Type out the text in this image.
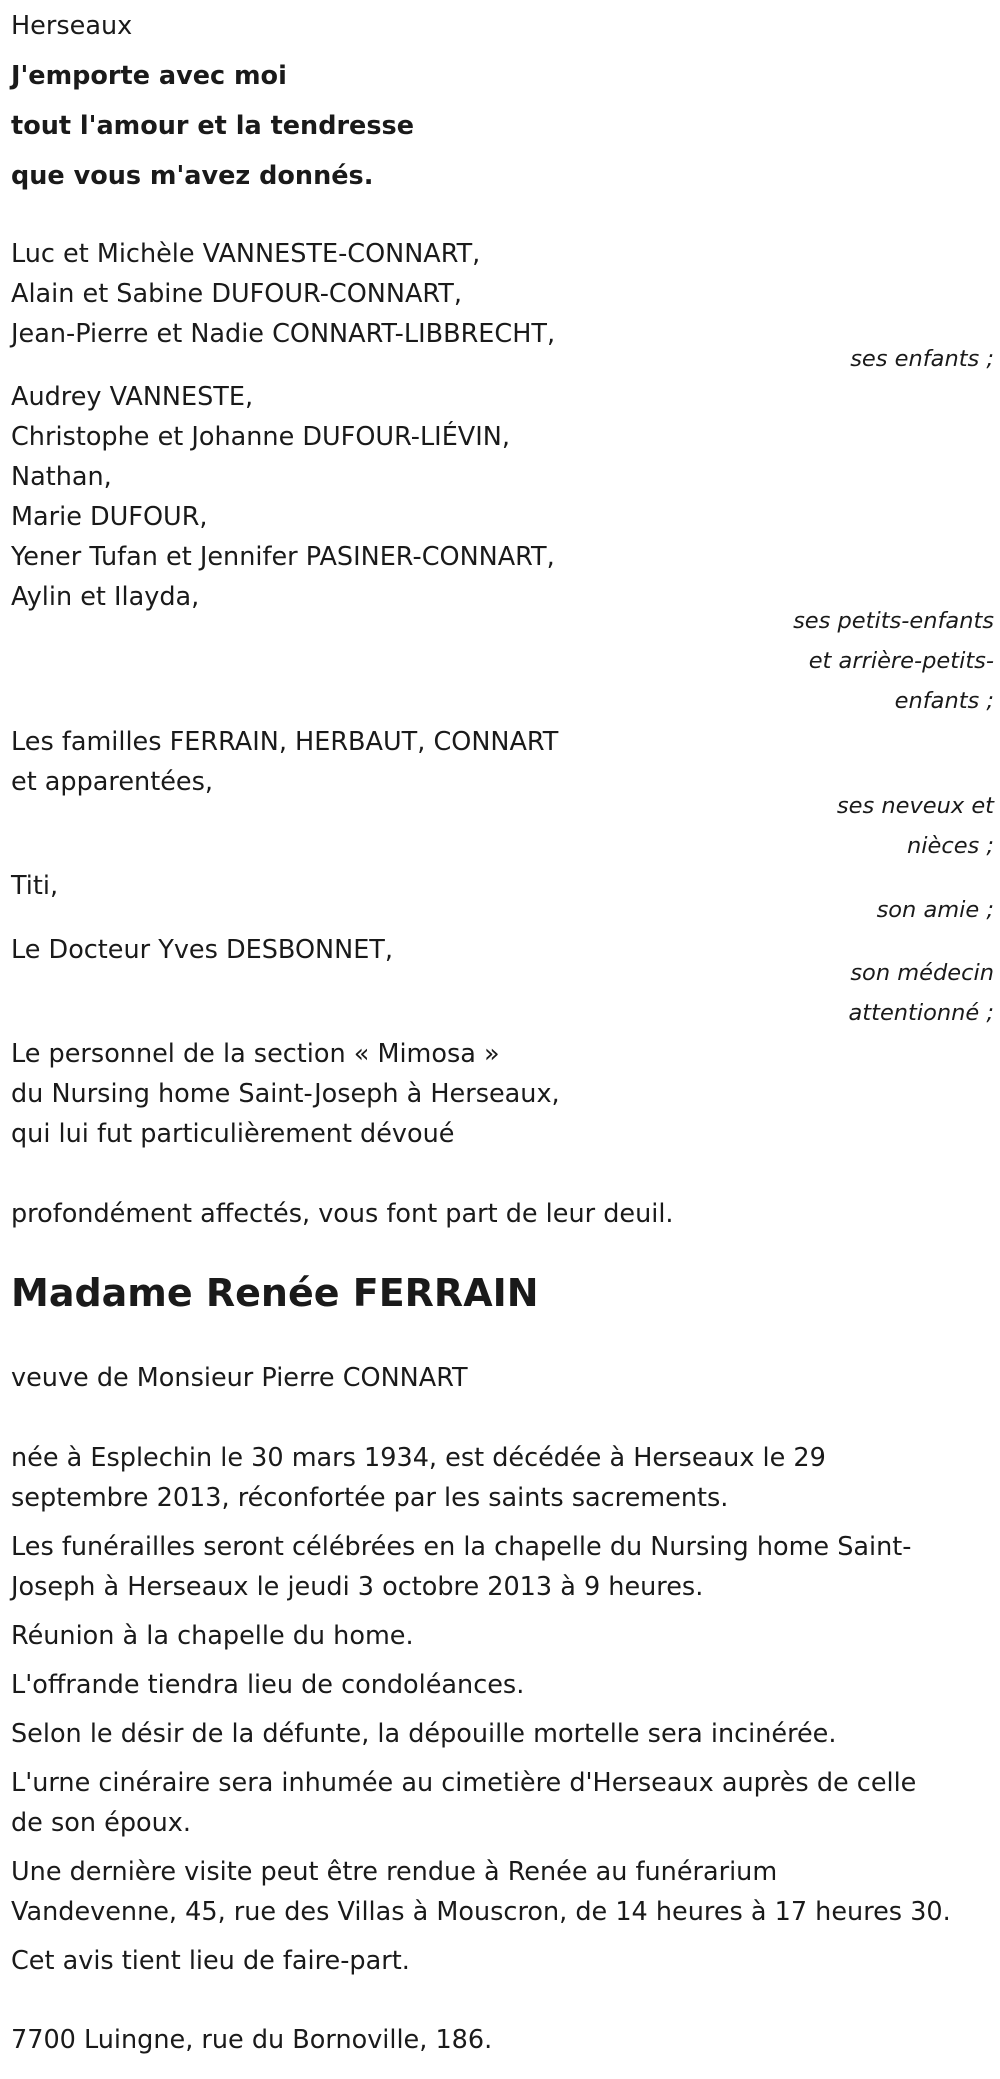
Herseaux
J'emporte avec moi
tout l'amour et la tendresse
que vous m'avez donnés.
Luc et Michèle VANNESTE-CONNART,
Alain et Sabine DUFOUR-CONNART,
Jean-Pierre et Nadie CONNART-LIBBRECHT,
ses enfants ;
Audrey VANNESTE,
Christophe et Johanne DUFOUR-LIÉVIN,
Nathan,
Marie DUFOUR,
Yener Tufan et Jennifer PASINER-CONNART,
Aylin et Ilayda,
ses petits-enfants
et arrière-petits-
enfants ;
Les familles FERRAIN, HERBAUT, CONNART
et apparentées,
ses neveux et
nièces ;
Titi,
son amie ;
Le Docteur Yves DESBONNET,
son médecin
attentionné ;
Le personnel de la section « Mimosa »
du Nursing home Saint-Joseph à Herseaux,
qui lui fut particulièrement dévoué
profondément affectés, vous font part de leur deuil.
Madame Renée FERRAIN
veuve de Monsieur Pierre CONNART
née à Esplechin le 30 mars 1934, est décédée à Herseaux le 29
septembre 2013, réconfortée par les saints sacrements.
Les funérailles seront célébrées en la chapelle du Nursing home Saint-
Joseph à Herseaux le jeudi 3 octobre 2013 à 9 heures.
Réunion à la chapelle du home.
L'offrande tiendra lieu de condoléances.
Selon le désir de la défunte, la dépouille mortelle sera incinérée.
L'urne cinéraire sera inhumée au cimetière d'Herseaux auprès de celle
de son époux.
Une dernière visite peut être rendue à Renée au funérarium
Vandevenne, 45, rue des Villas à Mouscron, de 14 heures à 17 heures 30.
Cet avis tient lieu de faire-part.
7700 Luingne, rue du Bornoville, 186.
